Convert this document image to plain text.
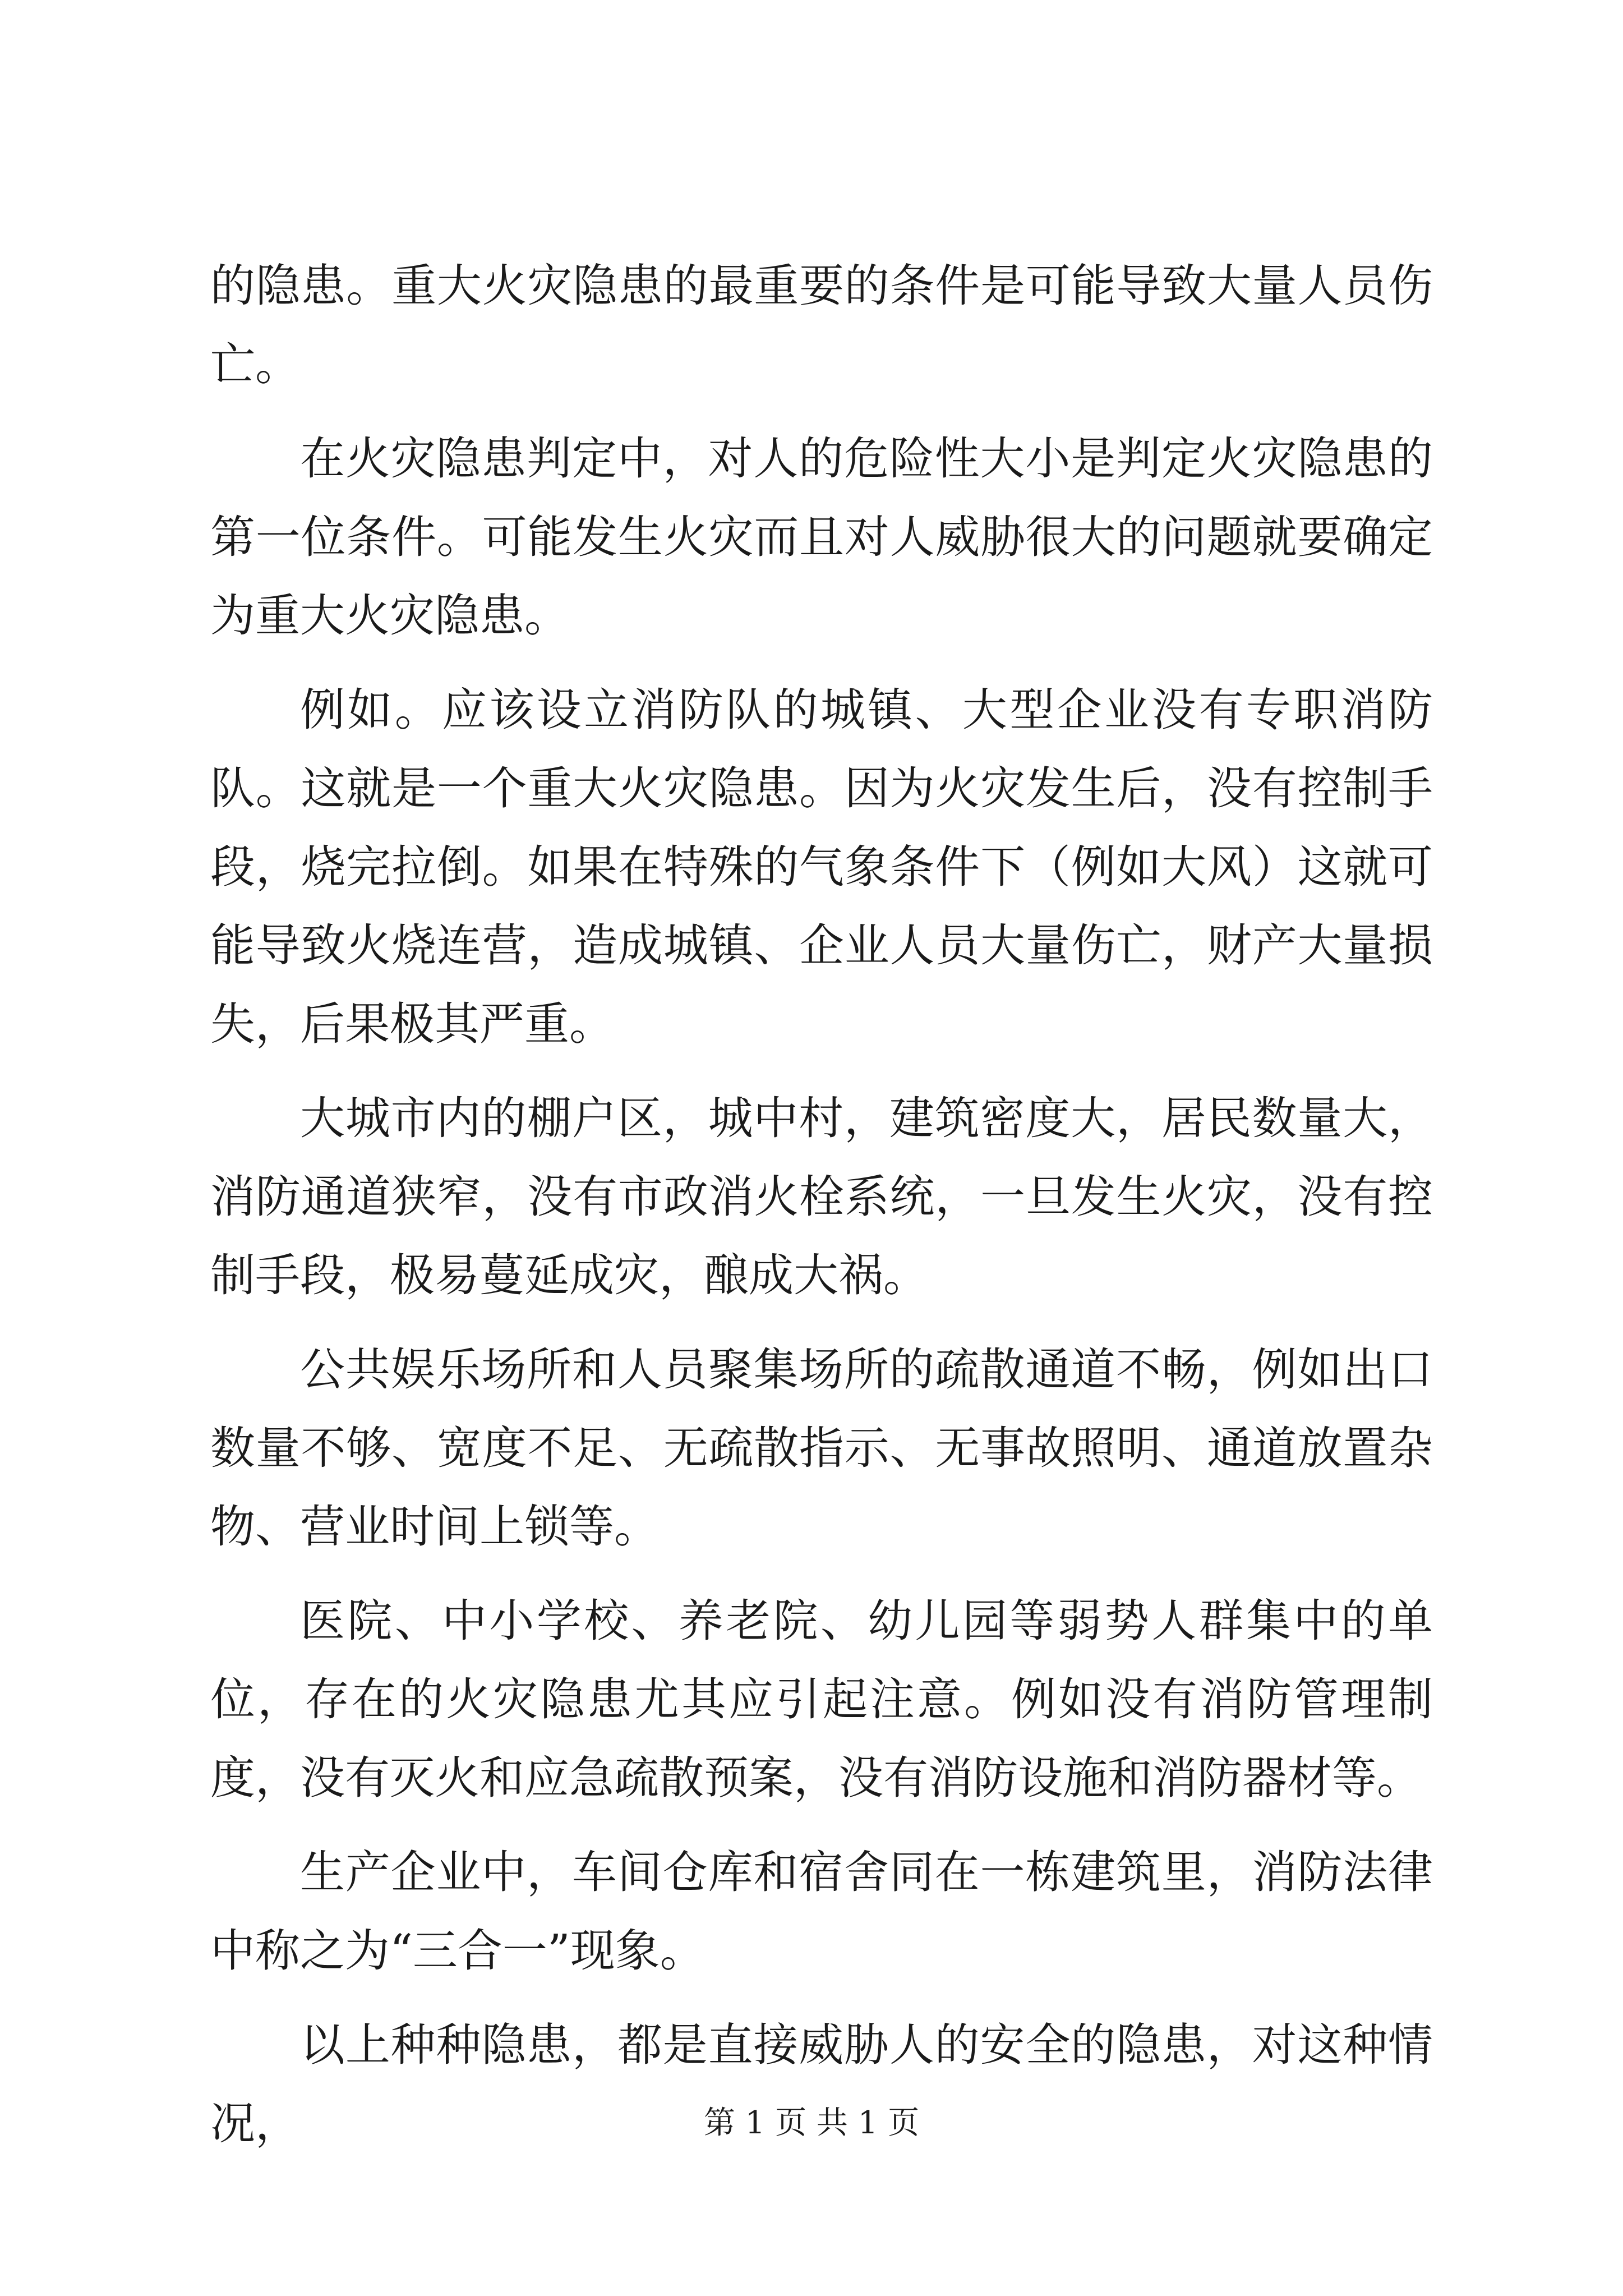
的隐患。重大火灾隐患的最重要的条件是可能导致大量人员伤亡。

在火灾隐患判定中，对人的危险性大小是判定火灾隐患的第一位条件。可能发生火灾而且对人威胁很大的问题就要确定为重大火灾隐患。

例如。应该设立消防队的城镇、大型企业没有专职消防队。这就是一个重大火灾隐患。因为火灾发生后，没有控制手段，烧完拉倒。如果在特殊的气象条件下（例如大风）这就可能导致火烧连营，造成城镇、企业人员大量伤亡，财产大量损失，后果极其严重。

大城市内的棚户区，城中村，建筑密度大，居民数量大，消防通道狭窄，没有市政消火栓系统，一旦发生火灾，没有控制手段，极易蔓延成灾，酿成大祸。

公共娱乐场所和人员聚集场所的疏散通道不畅，例如出口数量不够、宽度不足、无疏散指示、无事故照明、通道放置杂物、营业时间上锁等。

医院、中小学校、养老院、幼儿园等弱势人群集中的单位，存在的火灾隐患尤其应引起注意。例如没有消防管理制度，没有灭火和应急疏散预案，没有消防设施和消防器材等。

生产企业中，车间仓库和宿舍同在一栋建筑里，消防法律中称之为“三合一”现象。

以上种种隐患，都是直接威胁人的安全的隐患，对这种情况，	第 1 页 共 1 页
